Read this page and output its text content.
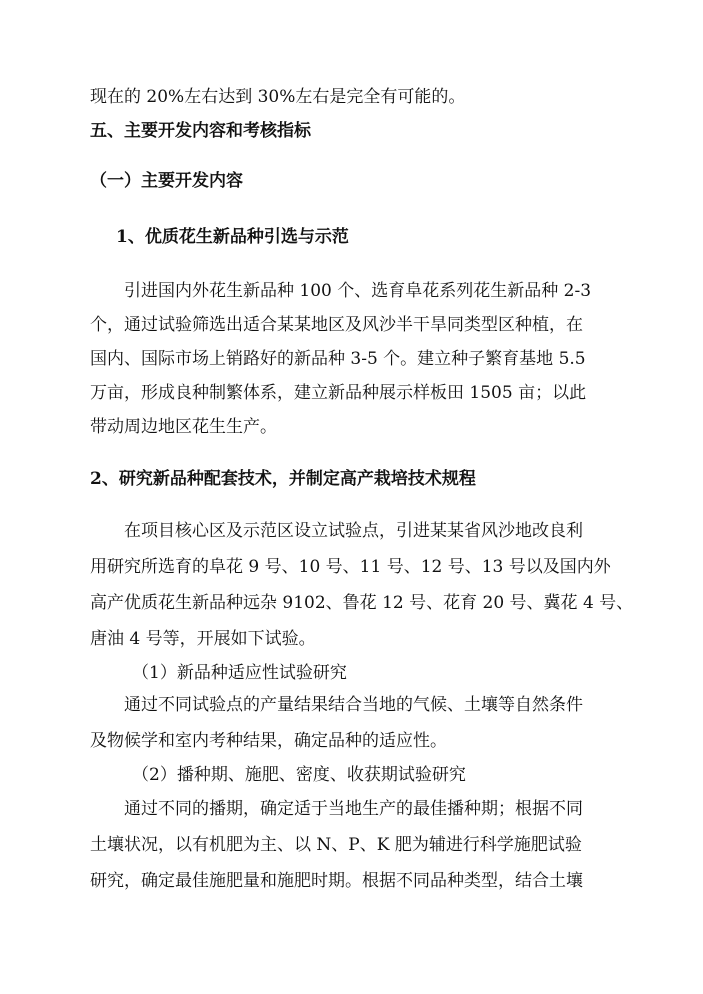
现在的 20%左右达到 30%左右是完全有可能的。
五、主要开发内容和考核指标
（一）主要开发内容
1、优质花生新品种引选与示范
引进国内外花生新品种 100 个、选育阜花系列花生新品种 2-3
个，通过试验筛选出适合某某地区及风沙半干旱同类型区种植，在
国内、国际市场上销路好的新品种 3-5 个。建立种子繁育基地 5.5
万亩，形成良种制繁体系，建立新品种展示样板田 1505 亩；以此
带动周边地区花生生产。
2、研究新品种配套技术，并制定高产栽培技术规程
在项目核心区及示范区设立试验点，引进某某省风沙地改良利
用研究所选育的阜花 9 号、10 号、11 号、12 号、13 号以及国内外
高产优质花生新品种远杂 9102、鲁花 12 号、花育 20 号、冀花 4 号、
唐油 4 号等，开展如下试验。
（1）新品种适应性试验研究
通过不同试验点的产量结果结合当地的气候、土壤等自然条件
及物候学和室内考种结果，确定品种的适应性。
（2）播种期、施肥、密度、收获期试验研究
通过不同的播期，确定适于当地生产的最佳播种期；根据不同
土壤状况，以有机肥为主、以 N、P、K 肥为辅进行科学施肥试验
研究，确定最佳施肥量和施肥时期。根据不同品种类型，结合土壤
